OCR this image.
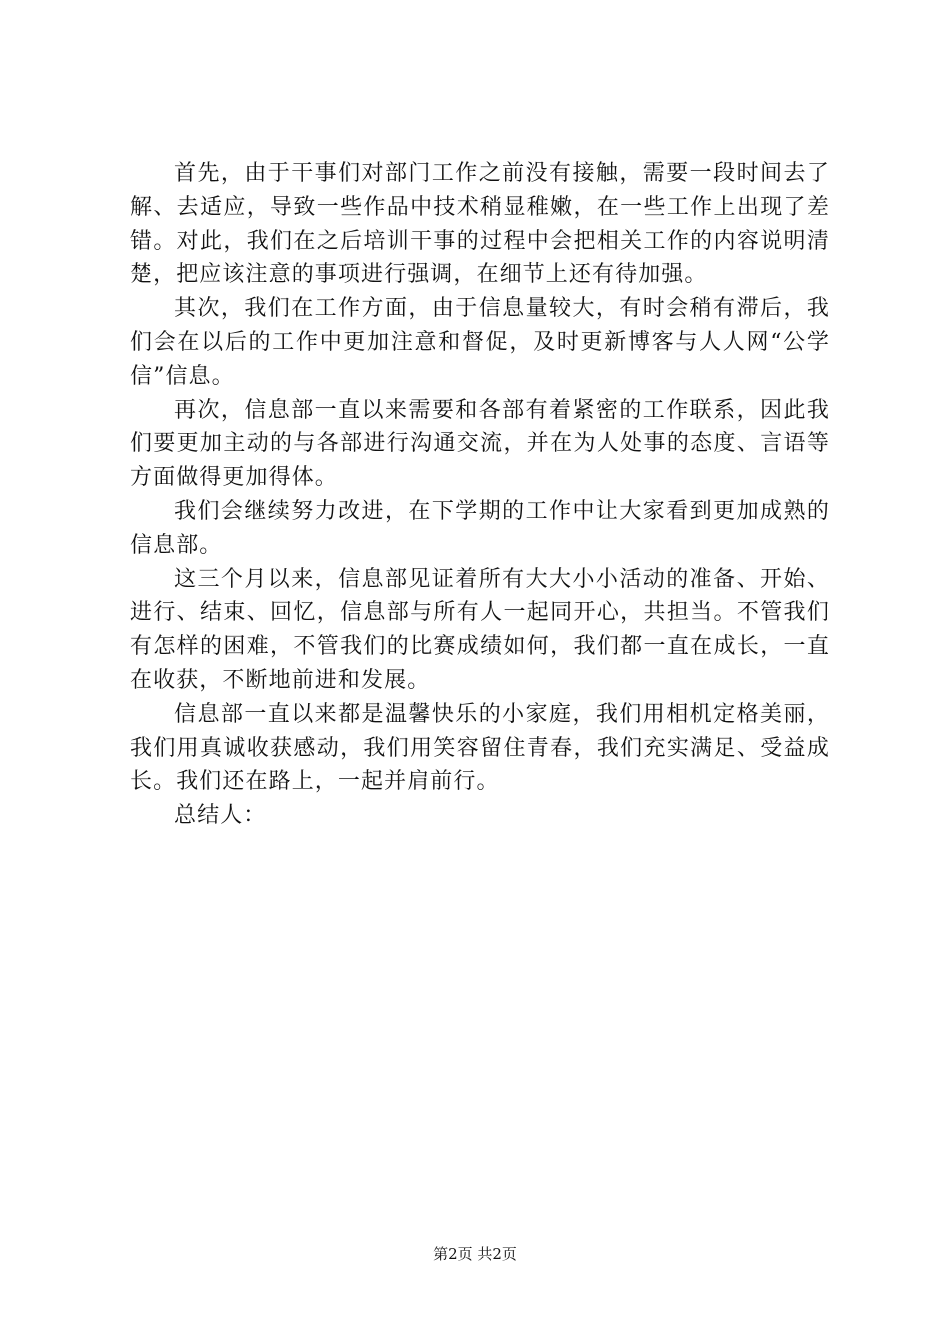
首先，由于干事们对部门工作之前没有接触，需要一段时间去了解、去适应，导致一些作品中技术稍显稚嫩，在一些工作上出现了差错。对此，我们在之后培训干事的过程中会把相关工作的内容说明清楚，把应该注意的事项进行强调，在细节上还有待加强。

其次，我们在工作方面，由于信息量较大，有时会稍有滞后，我们会在以后的工作中更加注意和督促，及时更新博客与人人网“公学信”信息。

再次，信息部一直以来需要和各部有着紧密的工作联系，因此我们要更加主动的与各部进行沟通交流，并在为人处事的态度、言语等方面做得更加得体。

我们会继续努力改进，在下学期的工作中让大家看到更加成熟的信息部。

这三个月以来，信息部见证着所有大大小小活动的准备、开始、进行、结束、回忆，信息部与所有人一起同开心，共担当。不管我们有怎样的困难，不管我们的比赛成绩如何，我们都一直在成长，一直在收获，不断地前进和发展。

信息部一直以来都是温馨快乐的小家庭，我们用相机定格美丽，我们用真诚收获感动，我们用笑容留住青春，我们充实满足、受益成长。我们还在路上，一起并肩前行。

总结人：

第2页 共2页
